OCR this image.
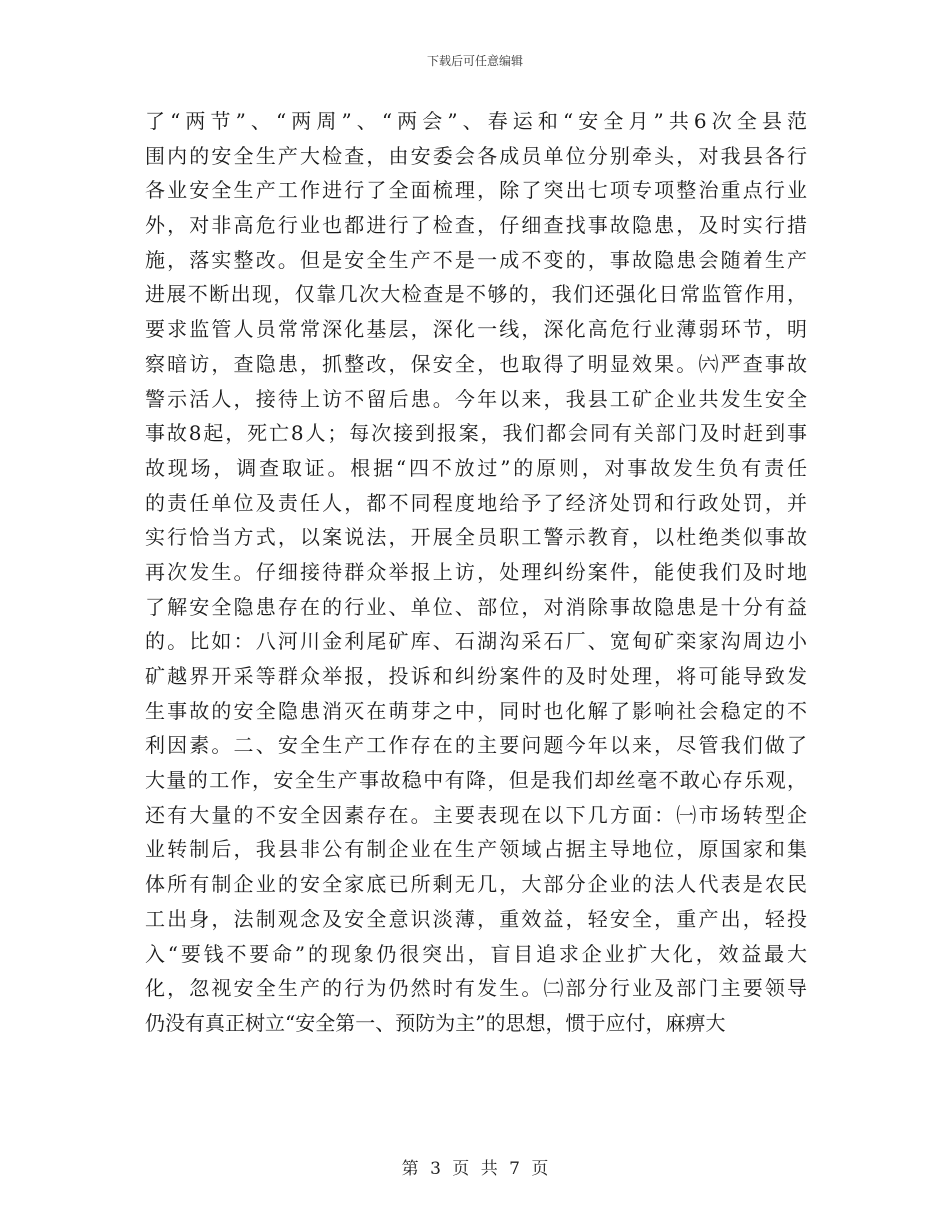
下载后可任意编辑
了“两节”、“两周”、“两会”、春运和“安全月”共6次全县范
围内的安全生产大检查，由安委会各成员单位分别牵头，对我县各行
各业安全生产工作进行了全面梳理，除了突出七项专项整治重点行业
外，对非高危行业也都进行了检查，仔细查找事故隐患，及时实行措
施，落实整改。但是安全生产不是一成不变的，事故隐患会随着生产
进展不断出现，仅靠几次大检查是不够的，我们还强化日常监管作用，
要求监管人员常常深化基层，深化一线，深化高危行业薄弱环节，明
察暗访，查隐患，抓整改，保安全，也取得了明显效果。㈥严查事故
警示活人，接待上访不留后患。今年以来，我县工矿企业共发生安全
事故8起，死亡8人；每次接到报案，我们都会同有关部门及时赶到事
故现场，调查取证。根据“四不放过”的原则，对事故发生负有责任
的责任单位及责任人，都不同程度地给予了经济处罚和行政处罚，并
实行恰当方式，以案说法，开展全员职工警示教育，以杜绝类似事故
再次发生。仔细接待群众举报上访，处理纠纷案件，能使我们及时地
了解安全隐患存在的行业、单位、部位，对消除事故隐患是十分有益
的。比如：八河川金利尾矿库、石湖沟采石厂、宽甸矿栾家沟周边小
矿越界开采等群众举报，投诉和纠纷案件的及时处理，将可能导致发
生事故的安全隐患消灭在萌芽之中，同时也化解了影响社会稳定的不
利因素。二、安全生产工作存在的主要问题今年以来，尽管我们做了
大量的工作，安全生产事故稳中有降，但是我们却丝毫不敢心存乐观，
还有大量的不安全因素存在。主要表现在以下几方面：㈠市场转型企
业转制后，我县非公有制企业在生产领域占据主导地位，原国家和集
体所有制企业的安全家底已所剩无几，大部分企业的法人代表是农民
工出身，法制观念及安全意识淡薄，重效益，轻安全，重产出，轻投
入“要钱不要命”的现象仍很突出，盲目追求企业扩大化，效益最大
化，忽视安全生产的行为仍然时有发生。㈡部分行业及部门主要领导
仍没有真正树立“安全第一、预防为主”的思想，惯于应付，麻痹大
第 3 页 共 7 页
